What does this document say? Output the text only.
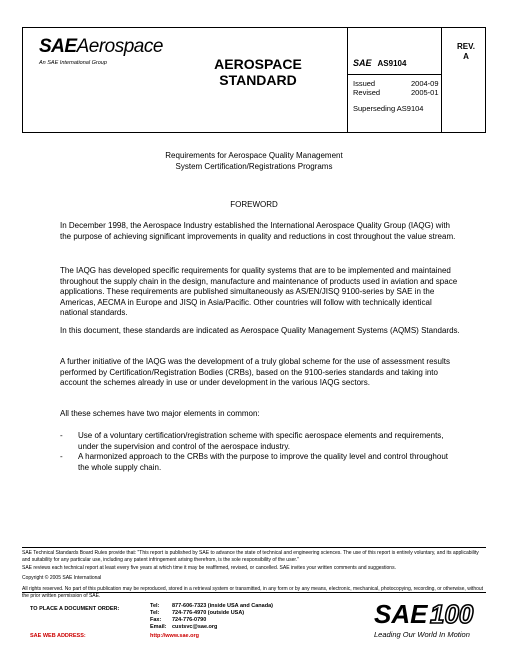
SAEAerospace
An SAE International Group	AEROSPACE
STANDARD
SAE AS9104
REV.
A
Issued	2004-09
Revised	2005-01
Superseding AS9104
Requirements for Aerospace Quality Management
System Certification/Registrations Programs
FOREWORD
In December 1998, the Aerospace Industry established the International Aerospace Quality Group (IAQG) with the purpose of achieving significant improvements in quality and reductions in cost throughout the value stream.
The IAQG has developed specific requirements for quality systems that are to be implemented and maintained throughout the supply chain in the design, manufacture and maintenance of products used in aviation and space applications. These requirements are published simultaneously as AS/EN/JISQ 9100-series by SAE in the Americas, AECMA in Europe and JISQ in Asia/Pacific. Other countries will follow with technically identical national standards.
In this document, these standards are indicated as Aerospace Quality Management Systems (AQMS) Standards.
A further initiative of the IAQG was the development of a truly global scheme for the use of assessment results performed by Certification/Registration Bodies (CRBs), based on the 9100-series standards and taking into account the schemes already in use or under development in the various IAQG sectors.
All these schemes have two major elements in common:
- Use of a voluntary certification/registration scheme with specific aerospace elements and requirements, under the supervision and control of the aerospace industry.
- A harmonized approach to the CRBs with the purpose to improve the quality level and control throughout the whole supply chain.
SAE Technical Standards Board Rules provide that: "This report is published by SAE to advance the state of technical and engineering sciences. The use of this report is entirely voluntary, and its applicability and suitability for any particular use, including any patent infringement arising therefrom, is the sole responsibility of the user."
SAE reviews each technical report at least every five years at which time it may be reaffirmed, revised, or cancelled. SAE invites your written comments and suggestions.
Copyright © 2005 SAE International
All rights reserved. No part of this publication may be reproduced, stored in a retrieval system or transmitted, in any form or by any means, electronic, mechanical, photocopying, recording, or otherwise, without the prior written permission of SAE.
TO PLACE A DOCUMENT ORDER:	Tel: 877-606-7323 (inside USA and Canada)
Tel: 724-776-4970 (outside USA)
Fax: 724-776-0790
Email: custsvc@sae.org
SAE WEB ADDRESS:	http://www.sae.org
SAE 100
Leading Our World In Motion
